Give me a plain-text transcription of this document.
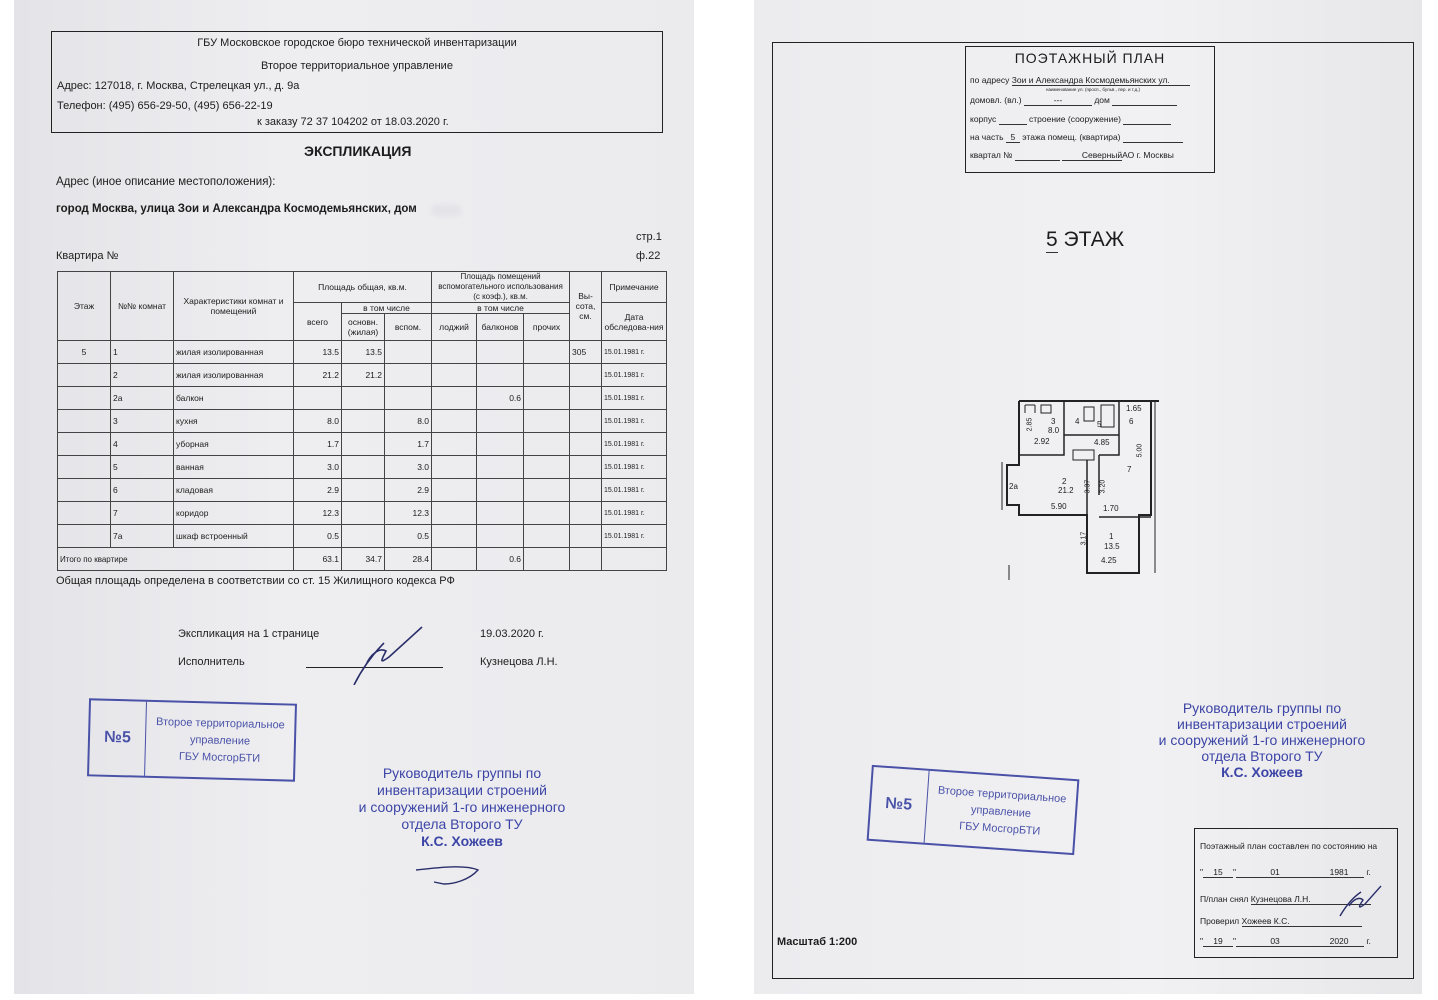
ГБУ Московское городское бюро технической инвентаризации
Второе территориальное управление
Адрес: 127018, г. Москва, Стрелецкая ул., д. 9а
Телефон: (495) 656-29-50, (495) 656-22-19
к заказу 72 37 104202 от 18.03.2020 г.
ЭКСПЛИКАЦИЯ
Адрес (иное описание местоположения):
город Москва, улица Зои и Александра Космодемьянских, дом
стр.1
ф.22
Квартира №
Этаж	№№ комнат	Характеристики комнат и помещений	Площадь общая, кв.м.			Площадь помещений вспомогательного использования (с коэф.), кв.м.			Вы-сота, см.	Примечание
			всего	в том числе		в том числе				Дата обследова-ния
				основн. (жилая)	вспом.	лоджий	балконов	прочих		
5	1	жилая изолированная	13.5	13.5					305	15.01.1981 г.
	2	жилая изолированная	21.2	21.2						15.01.1981 г.
	2а	балкон					0.6			15.01.1981 г.
	3	кухня	8.0		8.0					15.01.1981 г.
	4	уборная	1.7		1.7					15.01.1981 г.
	5	ванная	3.0		3.0					15.01.1981 г.
	6	кладовая	2.9		2.9					15.01.1981 г.
	7	коридор	12.3		12.3					15.01.1981 г.
	7а	шкаф встроенный	0.5		0.5					15.01.1981 г.
Итого по квартире			63.1	34.7	28.4		0.6			
Общая площадь определена в соответствии со ст. 15 Жилищного кодекса РФ
Экспликация на 1 странице	19.03.2020 г.
Исполнитель	Кузнецова Л.Н.
№5
Второе территориальное
управление
ГБУ МосгорБТИ
Руководитель группы по
инвентаризации строений
и сооружений 1-го инженерного
отдела Второго ТУ
К.С. Хожеев
ПОЭТАЖНЫЙ ПЛАН
по адресу Зои и Александра Космодемьянских ул.
наименование ул. (просп., бульв., пер. и т.д.)
домовл. (вл.)	---	дом
корпус	строение (сооружение)
на часть 5 этажа помещ. (квартира)
квартал №	СеверныйАО г. Москвы
5 ЭТАЖ
3
8.0
2.92
2.85	4 5
1.65
6
4.85
5.00
7
2
21.2
2а	3.37 3.20
5.90	1.70
3.17	1
13.5
4.25
Руководитель группы по
инвентаризации строений
и сооружений 1-го инженерного
отдела Второго ТУ
К.С. Хожеев
№5	Второе территориальное
управление
ГБУ МосгорБТИ
Масштаб 1:200
Поэтажный план составлен по состоянию на
" 15 "	01	1981 г.
П/план снял Кузнецова Л.Н.
Проверил Хожеев К.С.
" 19 "	03	2020 г.
